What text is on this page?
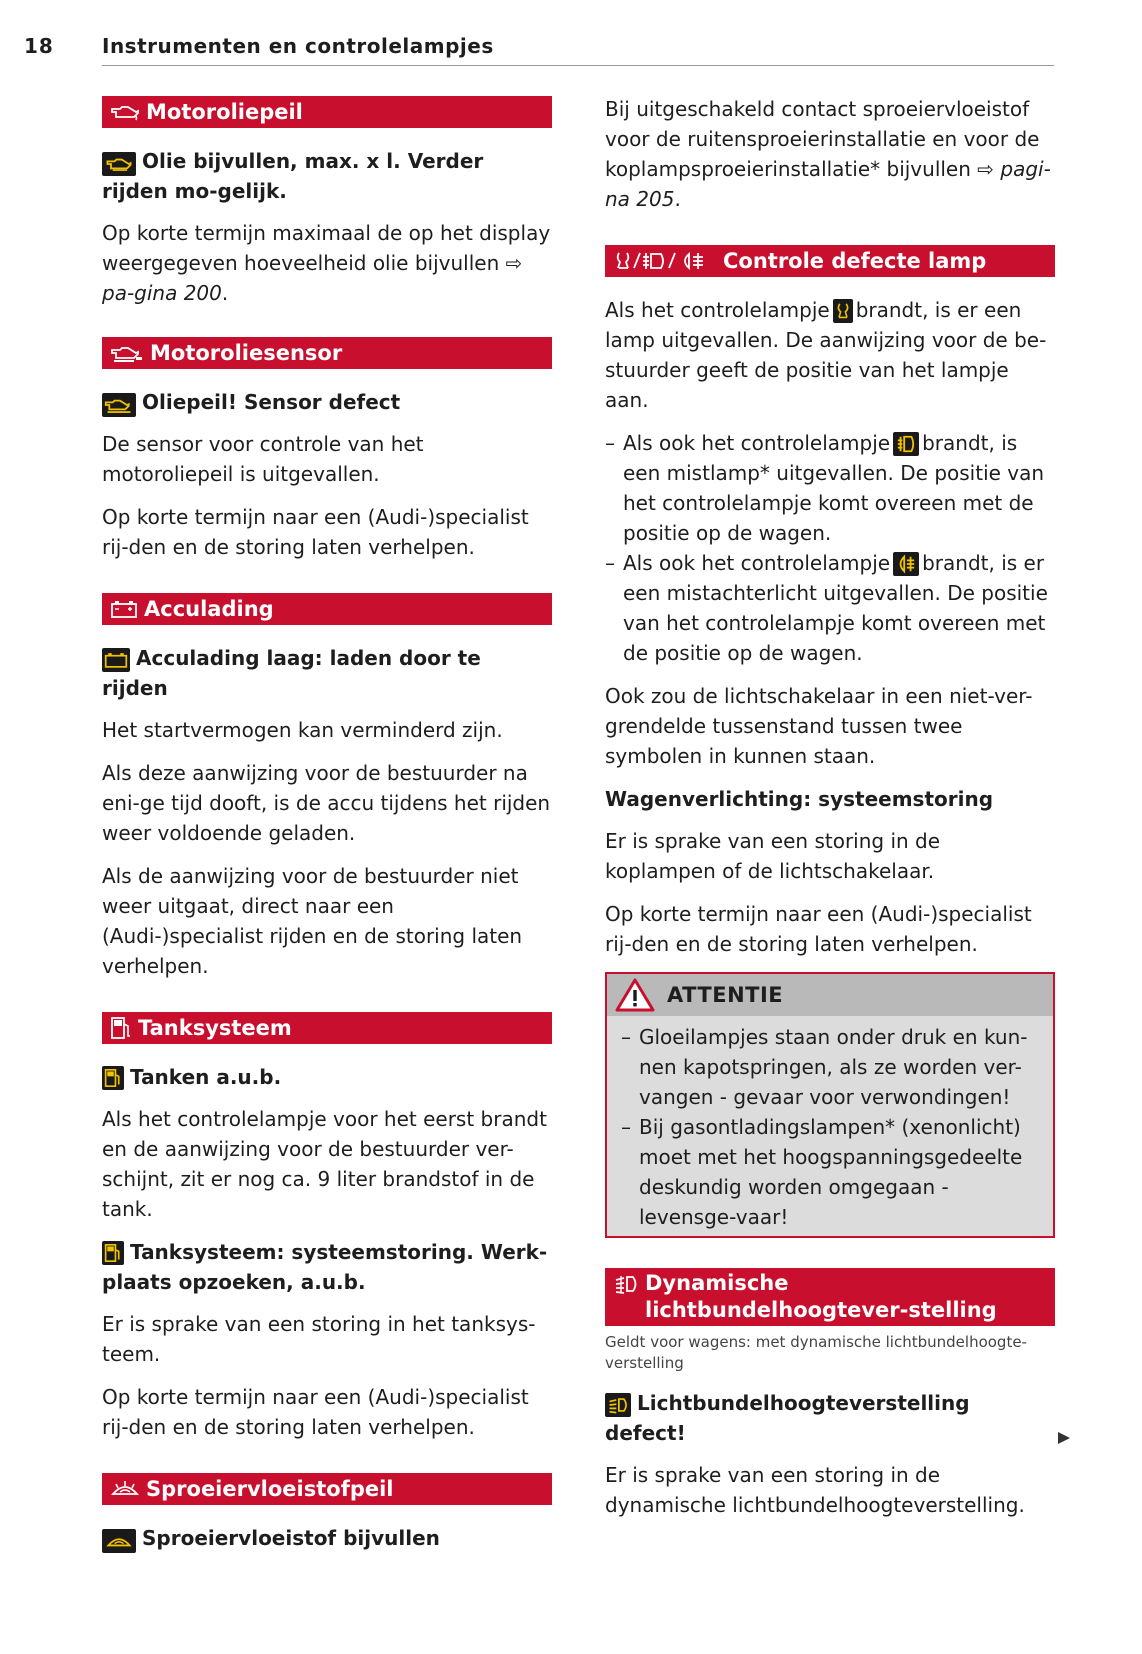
18 Instrumenten en controlelampjes
Motoroliepeil
Olie bijvullen, max. x l. Verder rijden mo-gelijk.
Op korte termijn maximaal de op het display weergegeven hoeveelheid olie bijvullen ⇨ pa-gina 200.
Motoroliesensor
Oliepeil! Sensor defect
De sensor voor controle van het motoroliepeil is uitgevallen.
Op korte termijn naar een (Audi-)specialist rij-den en de storing laten verhelpen.
Acculading
Acculading laag: laden door te rijden
Het startvermogen kan verminderd zijn.
Als deze aanwijzing voor de bestuurder na eni-ge tijd dooft, is de accu tijdens het rijden weer voldoende geladen.
Als de aanwijzing voor de bestuurder niet weer uitgaat, direct naar een (Audi-)specialist rijden en de storing laten verhelpen.
Tanksysteem
Tanken a.u.b.
Als het controlelampje voor het eerst brandt en de aanwijzing voor de bestuurder ver-schijnt, zit er nog ca. 9 liter brandstof in de tank.
Tanksysteem: systeemstoring. Werk-plaats opzoeken, a.u.b.
Er is sprake van een storing in het tanksys-teem.
Op korte termijn naar een (Audi-)specialist rij-den en de storing laten verhelpen.
Sproeiervloeistofpeil
Sproeiervloeistof bijvullen
Bij uitgeschakeld contact sproeiervloeistof voor de ruitensproeierinstallatie en voor de koplampsproeierinstallatie* bijvullen ⇨ pagi-na 205.
Controle defecte lamp
Als het controlelampje brandt, is er een lamp uitgevallen. De aanwijzing voor de be-stuurder geeft de positie van het lampje aan.
– Als ook het controlelampje brandt, is een mistlamp* uitgevallen. De positie van het controlelampje komt overeen met de positie op de wagen.
– Als ook het controlelampje brandt, is er een mistachterlicht uitgevallen. De positie van het controlelampje komt overeen met de positie op de wagen.
Ook zou de lichtschakelaar in een niet-ver-grendelde tussenstand tussen twee symbolen in kunnen staan.
Wagenverlichting: systeemstoring
Er is sprake van een storing in de koplampen of de lichtschakelaar.
Op korte termijn naar een (Audi-)specialist rij-den en de storing laten verhelpen.
ATTENTIE
– Gloeilampjes staan onder druk en kun-nen kapotspringen, als ze worden ver-vangen - gevaar voor verwondingen!
– Bij gasontladingslampen* (xenonlicht) moet met het hoogspanningsgedeelte deskundig worden omgegaan - levensge-vaar!
Dynamische lichtbundelhoogtever-stelling
Geldt voor wagens: met dynamische lichtbundelhoogte-verstelling
Lichtbundelhoogteverstelling defect!
Er is sprake van een storing in de dynamische lichtbundelhoogteverstelling.
